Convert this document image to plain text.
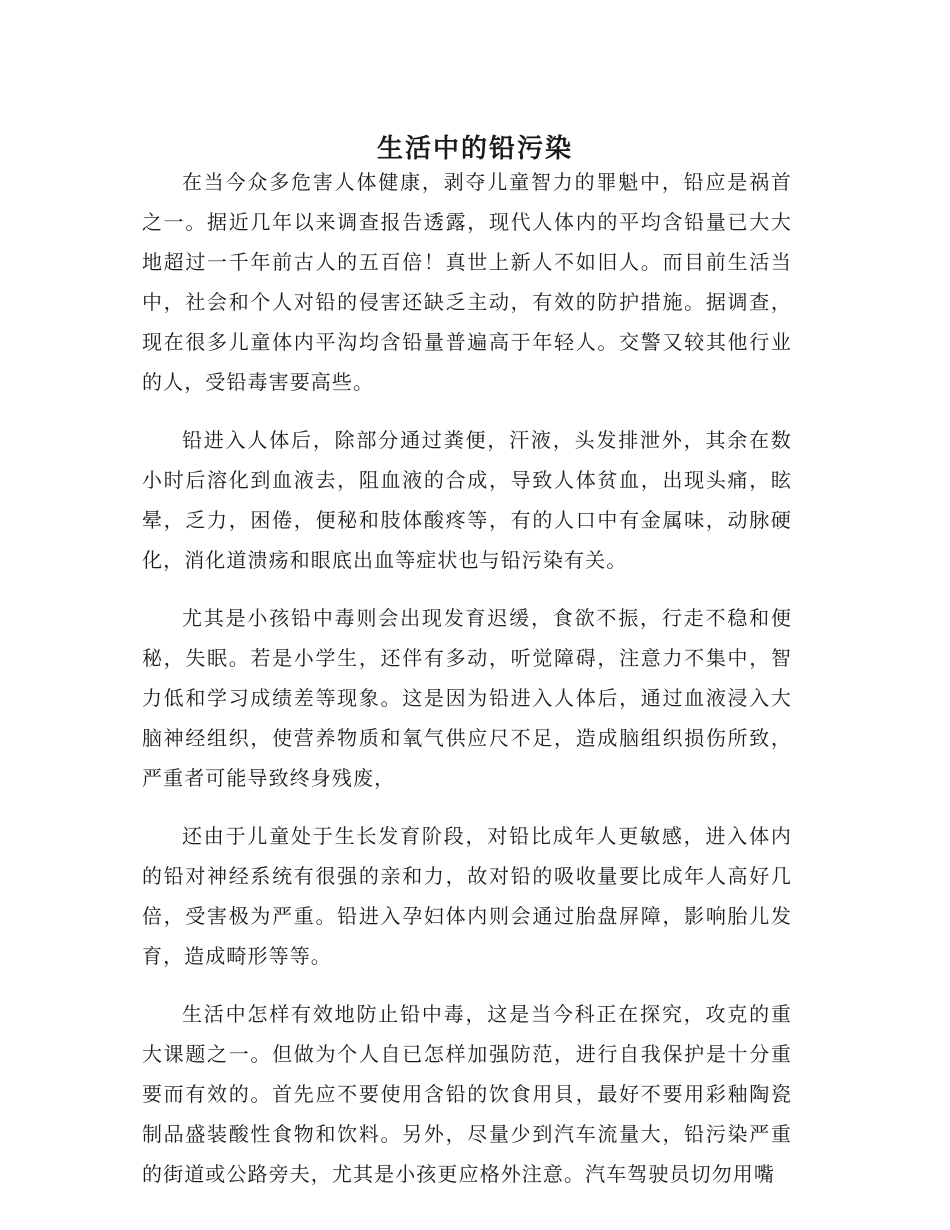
生活中的铅污染

在当今众多危害人体健康，剥夺儿童智力的罪魁中，铅应是祸首之一。据近几年以来调查报告透露，现代人体内的平均含铅量已大大地超过一千年前古人的五百倍！真世上新人不如旧人。而目前生活当中，社会和个人对铅的侵害还缺乏主动，有效的防护措施。据调查，现在很多儿童体内平沟均含铅量普遍高于年轻人。交警又较其他行业的人，受铅毒害要高些。

铅进入人体后，除部分通过粪便，汗液，头发排泄外，其余在数小时后溶化到血液去，阻血液的合成，导致人体贫血，出现头痛，眩晕，乏力，困倦，便秘和肢体酸疼等，有的人口中有金属味，动脉硬化，消化道溃疡和眼底出血等症状也与铅污染有关。

尤其是小孩铅中毒则会出现发育迟缓，食欲不振，行走不稳和便秘，失眠。若是小学生，还伴有多动，听觉障碍，注意力不集中，智力低和学习成绩差等现象。这是因为铅进入人体后，通过血液浸入大脑神经组织，使营养物质和氧气供应尺不足，造成脑组织损伤所致，严重者可能导致终身残废，

还由于儿童处于生长发育阶段，对铅比成年人更敏感，进入体内的铅对神经系统有很强的亲和力，故对铅的吸收量要比成年人高好几倍，受害极为严重。铅进入孕妇体内则会通过胎盘屏障，影响胎儿发育，造成畸形等等。

生活中怎样有效地防止铅中毒，这是当今科正在探究，攻克的重大课题之一。但做为个人自已怎样加强防范，进行自我保护是十分重要而有效的。首先应不要使用含铅的饮食用貝，最好不要用彩釉陶瓷制品盛装酸性食物和饮料。另外，尽量少到汽车流量大，铅污染严重的街道或公路旁夫，尤其是小孩更应格外注意。汽车驾驶员切勿用嘴
